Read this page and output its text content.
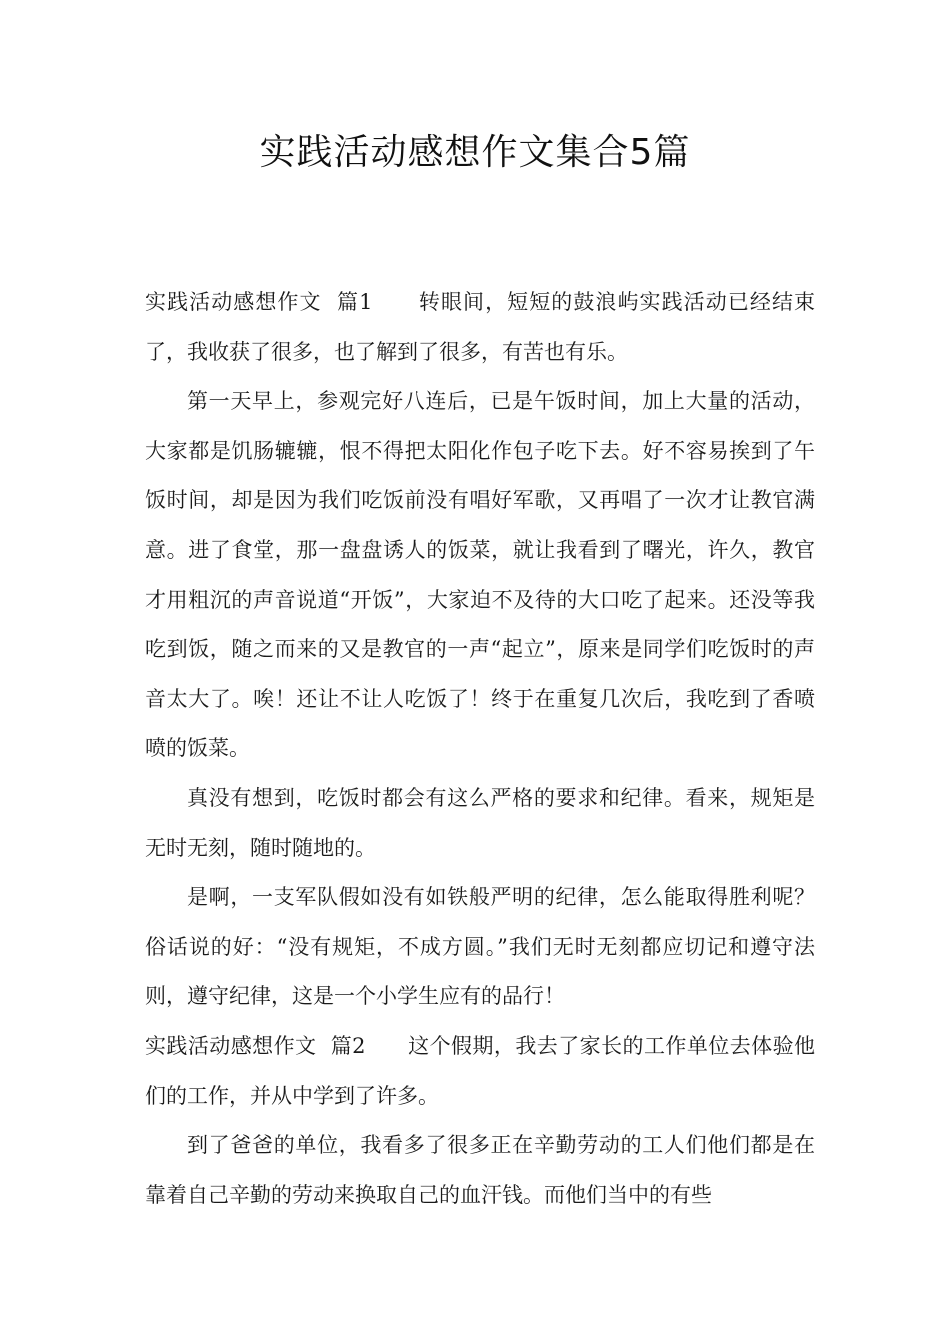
实践活动感想作文集合5篇

实践活动感想作文  篇1      转眼间，短短的鼓浪屿实践活动已经结束了，我收获了很多，也了解到了很多，有苦也有乐。

第一天早上，参观完好八连后，已是午饭时间，加上大量的活动，大家都是饥肠辘辘，恨不得把太阳化作包子吃下去。好不容易挨到了午饭时间，却是因为我们吃饭前没有唱好军歌，又再唱了一次才让教官满意。进了食堂，那一盘盘诱人的饭菜，就让我看到了曙光，许久，教官才用粗沉的声音说道“开饭”，大家迫不及待的大口吃了起来。还没等我吃到饭，随之而来的又是教官的一声“起立”，原来是同学们吃饭时的声音太大了。唉！还让不让人吃饭了！终于在重复几次后，我吃到了香喷喷的饭菜。

真没有想到，吃饭时都会有这么严格的要求和纪律。看来，规矩是无时无刻，随时随地的。

是啊，一支军队假如没有如铁般严明的纪律，怎么能取得胜利呢？俗话说的好：“没有规矩，不成方圆。”我们无时无刻都应切记和遵守法则，遵守纪律，这是一个小学生应有的品行！

实践活动感想作文  篇2      这个假期，我去了家长的工作单位去体验他们的工作，并从中学到了许多。

到了爸爸的单位，我看多了很多正在辛勤劳动的工人们他们都是在靠着自己辛勤的劳动来换取自己的血汗钱。而他们当中的有些
